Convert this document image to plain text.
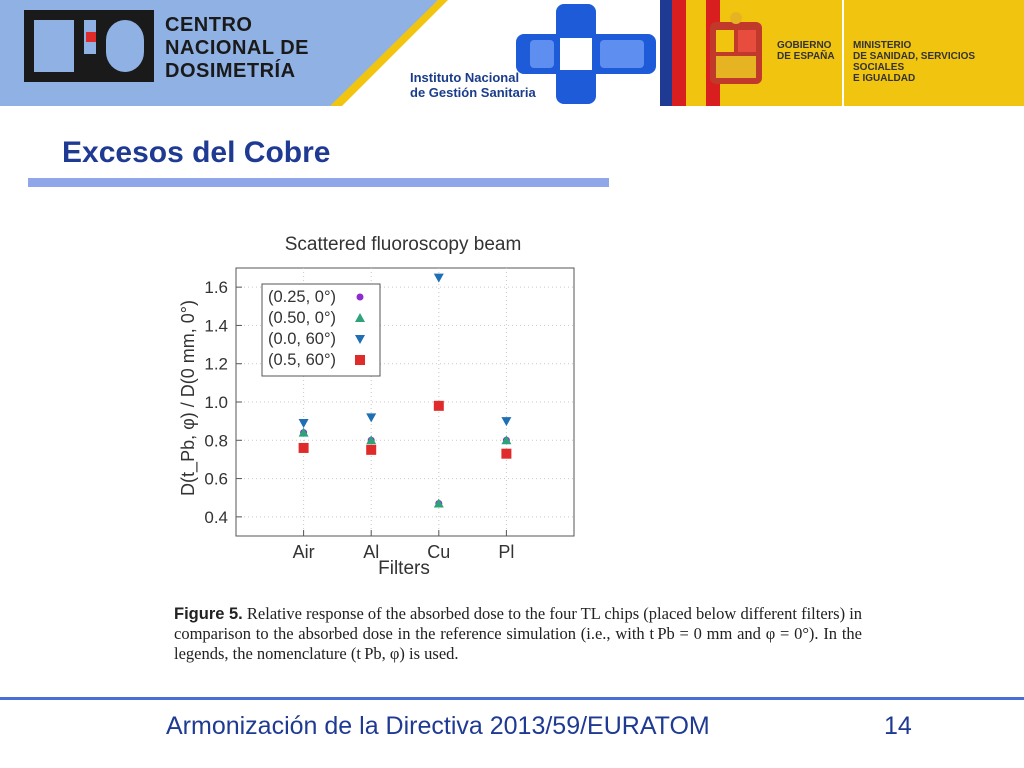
CENTRO
NACIONAL DE
DOSIMETRÍA	Instituto Nacional
de Gestión Sanitaria
GOBIERNO
DE ESPAÑA
MINISTERIO
DE SANIDAD, SERVICIOS SOCIALES
E IGUALDAD
Excesos del Cobre
Scattered fluoroscopy beam
0.4
0.6
0.8
1.0
1.2
1.4
1.6
Air	Al	Cu	Pl
Filters
D(t_Pb, φ) / D(0 mm, 0°)
(0.25, 0°)
(0.50, 0°)
(0.0, 60°)
(0.5, 60°)
Figure 5. Relative response of the absorbed dose to the four TL chips (placed below different filters) in comparison to the absorbed dose in the reference simulation (i.e., with t Pb = 0 mm and φ = 0°). In the legends, the nomenclature (t Pb, φ) is used.
Armonización de la Directiva 2013/59/EURATOM	14
